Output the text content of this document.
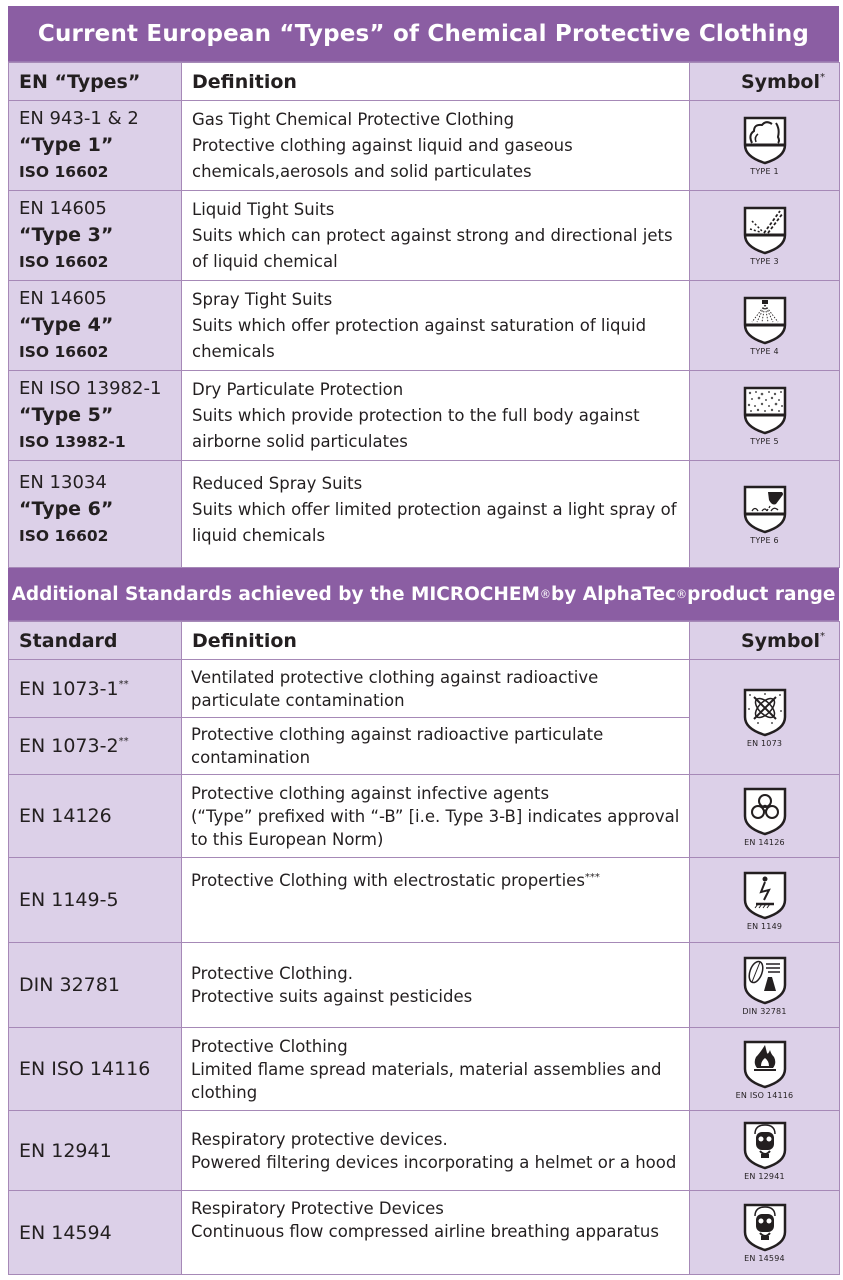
Current European “Types” of Chemical Protective Clothing
EN “Types”	Definition	Symbol*

EN 943-1 & 2
“Type 1”
ISO 16602	Gas Tight Chemical Protective Clothing
Protective clothing against liquid and gaseous chemicals,aerosols and solid particulates	TYPE 1

EN 14605
“Type 3”
ISO 16602	Liquid Tight Suits
Suits which can protect against strong and directional jets of liquid chemical	TYPE 3

EN 14605
“Type 4”
ISO 16602	Spray Tight Suits
Suits which offer protection against saturation of liquid chemicals	TYPE 4

EN ISO 13982-1
“Type 5”
ISO 13982-1	Dry Particulate Protection
Suits which provide protection to the full body against airborne solid particulates	TYPE 5

EN 13034
“Type 6”
ISO 16602	Reduced Spray Suits
Suits which offer limited protection against a light spray of liquid chemicals	TYPE 6
Additional Standards achieved by the MICROCHEM ® by AlphaTec ® product range
Standard	Definition	Symbol*
EN 1073-1**	Ventilated protective clothing against radioactive particulate contamination	EN 1073

EN 1073-2**	Protective clothing against radioactive particulate contamination	
EN 14126	Protective clothing against infective agents
(“Type” prefixed with “-B” [i.e. Type 3-B] indicates approval to this European Norm)	EN 14126

EN 1149-5	Protective Clothing with electrostatic properties***	EN 1149

DIN 32781	Protective Clothing.
Protective suits against pesticides	DIN 32781

EN ISO 14116	Protective Clothing
Limited flame spread materials, material assemblies and clothing	EN ISO 14116

EN 12941	Respiratory protective devices.
Powered filtering devices incorporating a helmet or a hood	EN 12941

EN 14594	Respiratory Protective Devices
Continuous flow compressed airline breathing apparatus	EN 14594
